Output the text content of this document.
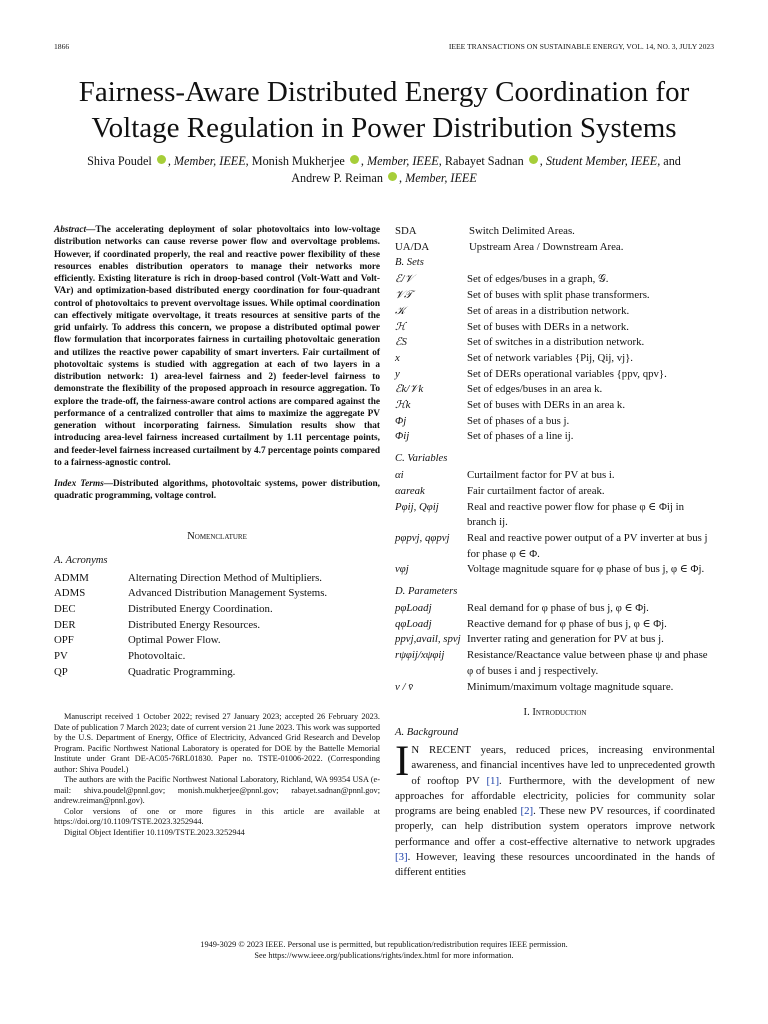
1866	IEEE TRANSACTIONS ON SUSTAINABLE ENERGY, VOL. 14, NO. 3, JULY 2023
Fairness-Aware Distributed Energy Coordination for
Voltage Regulation in Power Distribution Systems
Shiva Poudel , Member, IEEE, Monish Mukherjee , Member, IEEE, Rabayet Sadnan , Student Member, IEEE, and
Andrew P. Reiman , Member, IEEE

Abstract—The accelerating deployment of solar photovoltaics into low-voltage distribution networks can cause reverse power flow and overvoltage problems. However, if coordinated properly, the real and reactive power flexibility of these resources enables distribution operators to manage their networks more efficiently. Existing literature is rich in droop-based control (Volt-Watt and Volt-VAr) and optimization-based distributed energy coordination for four-quadrant control of photovoltaics to prevent overvoltage issues. While optimal coordination can effectively mitigate overvoltage, it treats resources at sensitive parts of the grid unfairly. To address this concern, we propose a distributed optimal power flow formulation that incorporates fairness in curtailing photovoltaic generation and utilizes the reactive power capability of smart inverters. Fair curtailment of photovoltaic systems is studied with aggregation at each of two layers in a distribution network: 1) area-level fairness and 2) feeder-level fairness to demonstrate the flexibility of the proposed approach in resource aggregation. To explore the trade-off, the fairness-aware control actions are compared against the performance of a centralized controller that aims to maximize the aggregate PV generation without incorporating fairness. Simulation results show that introducing area-level fairness increased curtailment by 1.11 percentage points, and feeder-level fairness increased curtailment by 4.7 percentage points compared to a fairness-agnostic control.

Index Terms—Distributed algorithms, photovoltaic systems, power distribution, quadratic programming, voltage control.

Nomenclature
A. Acronyms
ADMM	Alternating Direction Method of Multipliers.
ADMS	Advanced Distribution Management Systems.
DEC	Distributed Energy Coordination.
DER	Distributed Energy Resources.
OPF	Optimal Power Flow.
PV	Photovoltaic.
QP	Quadratic Programming.

Manuscript received 1 October 2022; revised 27 January 2023; accepted 26 February 2023. Date of publication 7 March 2023; date of current version 21 June 2023. This work was supported by the U.S. Department of Energy, Office of Electricity, Advanced Grid Research and Develop Program. Pacific Northwest National Laboratory is operated for DOE by the Battelle Memorial Institute under Grant DE-AC05-76RL01830. Paper no. TSTE-01006-2022. (Corresponding author: Shiva Poudel.)

The authors are with the Pacific Northwest National Laboratory, Richland, WA 99354 USA (e-mail: shiva.poudel@pnnl.gov; monish.mukherjee@pnnl.gov; rabayet.sadnan@pnnl.gov; andrew.reiman@pnnl.gov).

Color versions of one or more figures in this article are available at https://doi.org/10.1109/TSTE.2023.3252944.

Digital Object Identifier 10.1109/TSTE.2023.3252944

SDA	Switch Delimited Areas.
UA/DA	Upstream Area / Downstream Area.
B. Sets
ℰ/𝒱	Set of edges/buses in a graph, 𝒢.
𝒱𝒯	Set of buses with split phase transformers.
𝒦	Set of areas in a distribution network.
ℋ	Set of buses with DERs in a network.
ℰS	Set of switches in a distribution network.
x	Set of network variables {Pij, Qij, vj}.
y	Set of DERs operational variables {ppv, qpv}.
ℰk/𝒱k	Set of edges/buses in an area k.
ℋk	Set of buses with DERs in an area k.
Φj	Set of phases of a bus j.
Φij	Set of phases of a line ij.
C. Variables
αi	Curtailment factor for PV at bus i.
αareak	Fair curtailment factor of areak.
Pφij, Qφij	Real and reactive power flow for phase φ ∈ Φij in branch ij.
pφpvj, qφpvj	Real and reactive power output of a PV inverter at bus j for phase φ ∈ Φ.
vφj	Voltage magnitude square for φ phase of bus j, φ ∈ Φj.
D. Parameters
pφLoadj	Real demand for φ phase of bus j, φ ∈ Φj.
qφLoadj	Reactive demand for φ phase of bus j, φ ∈ Φj.
ppvj,avail, spvj Inverter rating and generation for PV at bus j.
rψφij/xψφij	Resistance/Reactance value between phase ψ and phase φ of buses i and j respectively.
v / v̄	Minimum/maximum voltage magnitude square.
I. Introduction
A. Background

I N RECENT years, reduced prices, increasing environmental awareness, and financial incentives have led to unprecedented growth of rooftop PV [1]. Furthermore, with the development of new approaches for affordable electricity, policies for community solar programs are being enabled [2]. These new PV resources, if coordinated properly, can help distribution system operators improve network performance and offer a cost-effective alternative to network upgrades [3]. However, leaving these resources uncoordinated in the hands of different entities

1949-3029 © 2023 IEEE. Personal use is permitted, but republication/redistribution requires IEEE permission.
See https://www.ieee.org/publications/rights/index.html for more information.
